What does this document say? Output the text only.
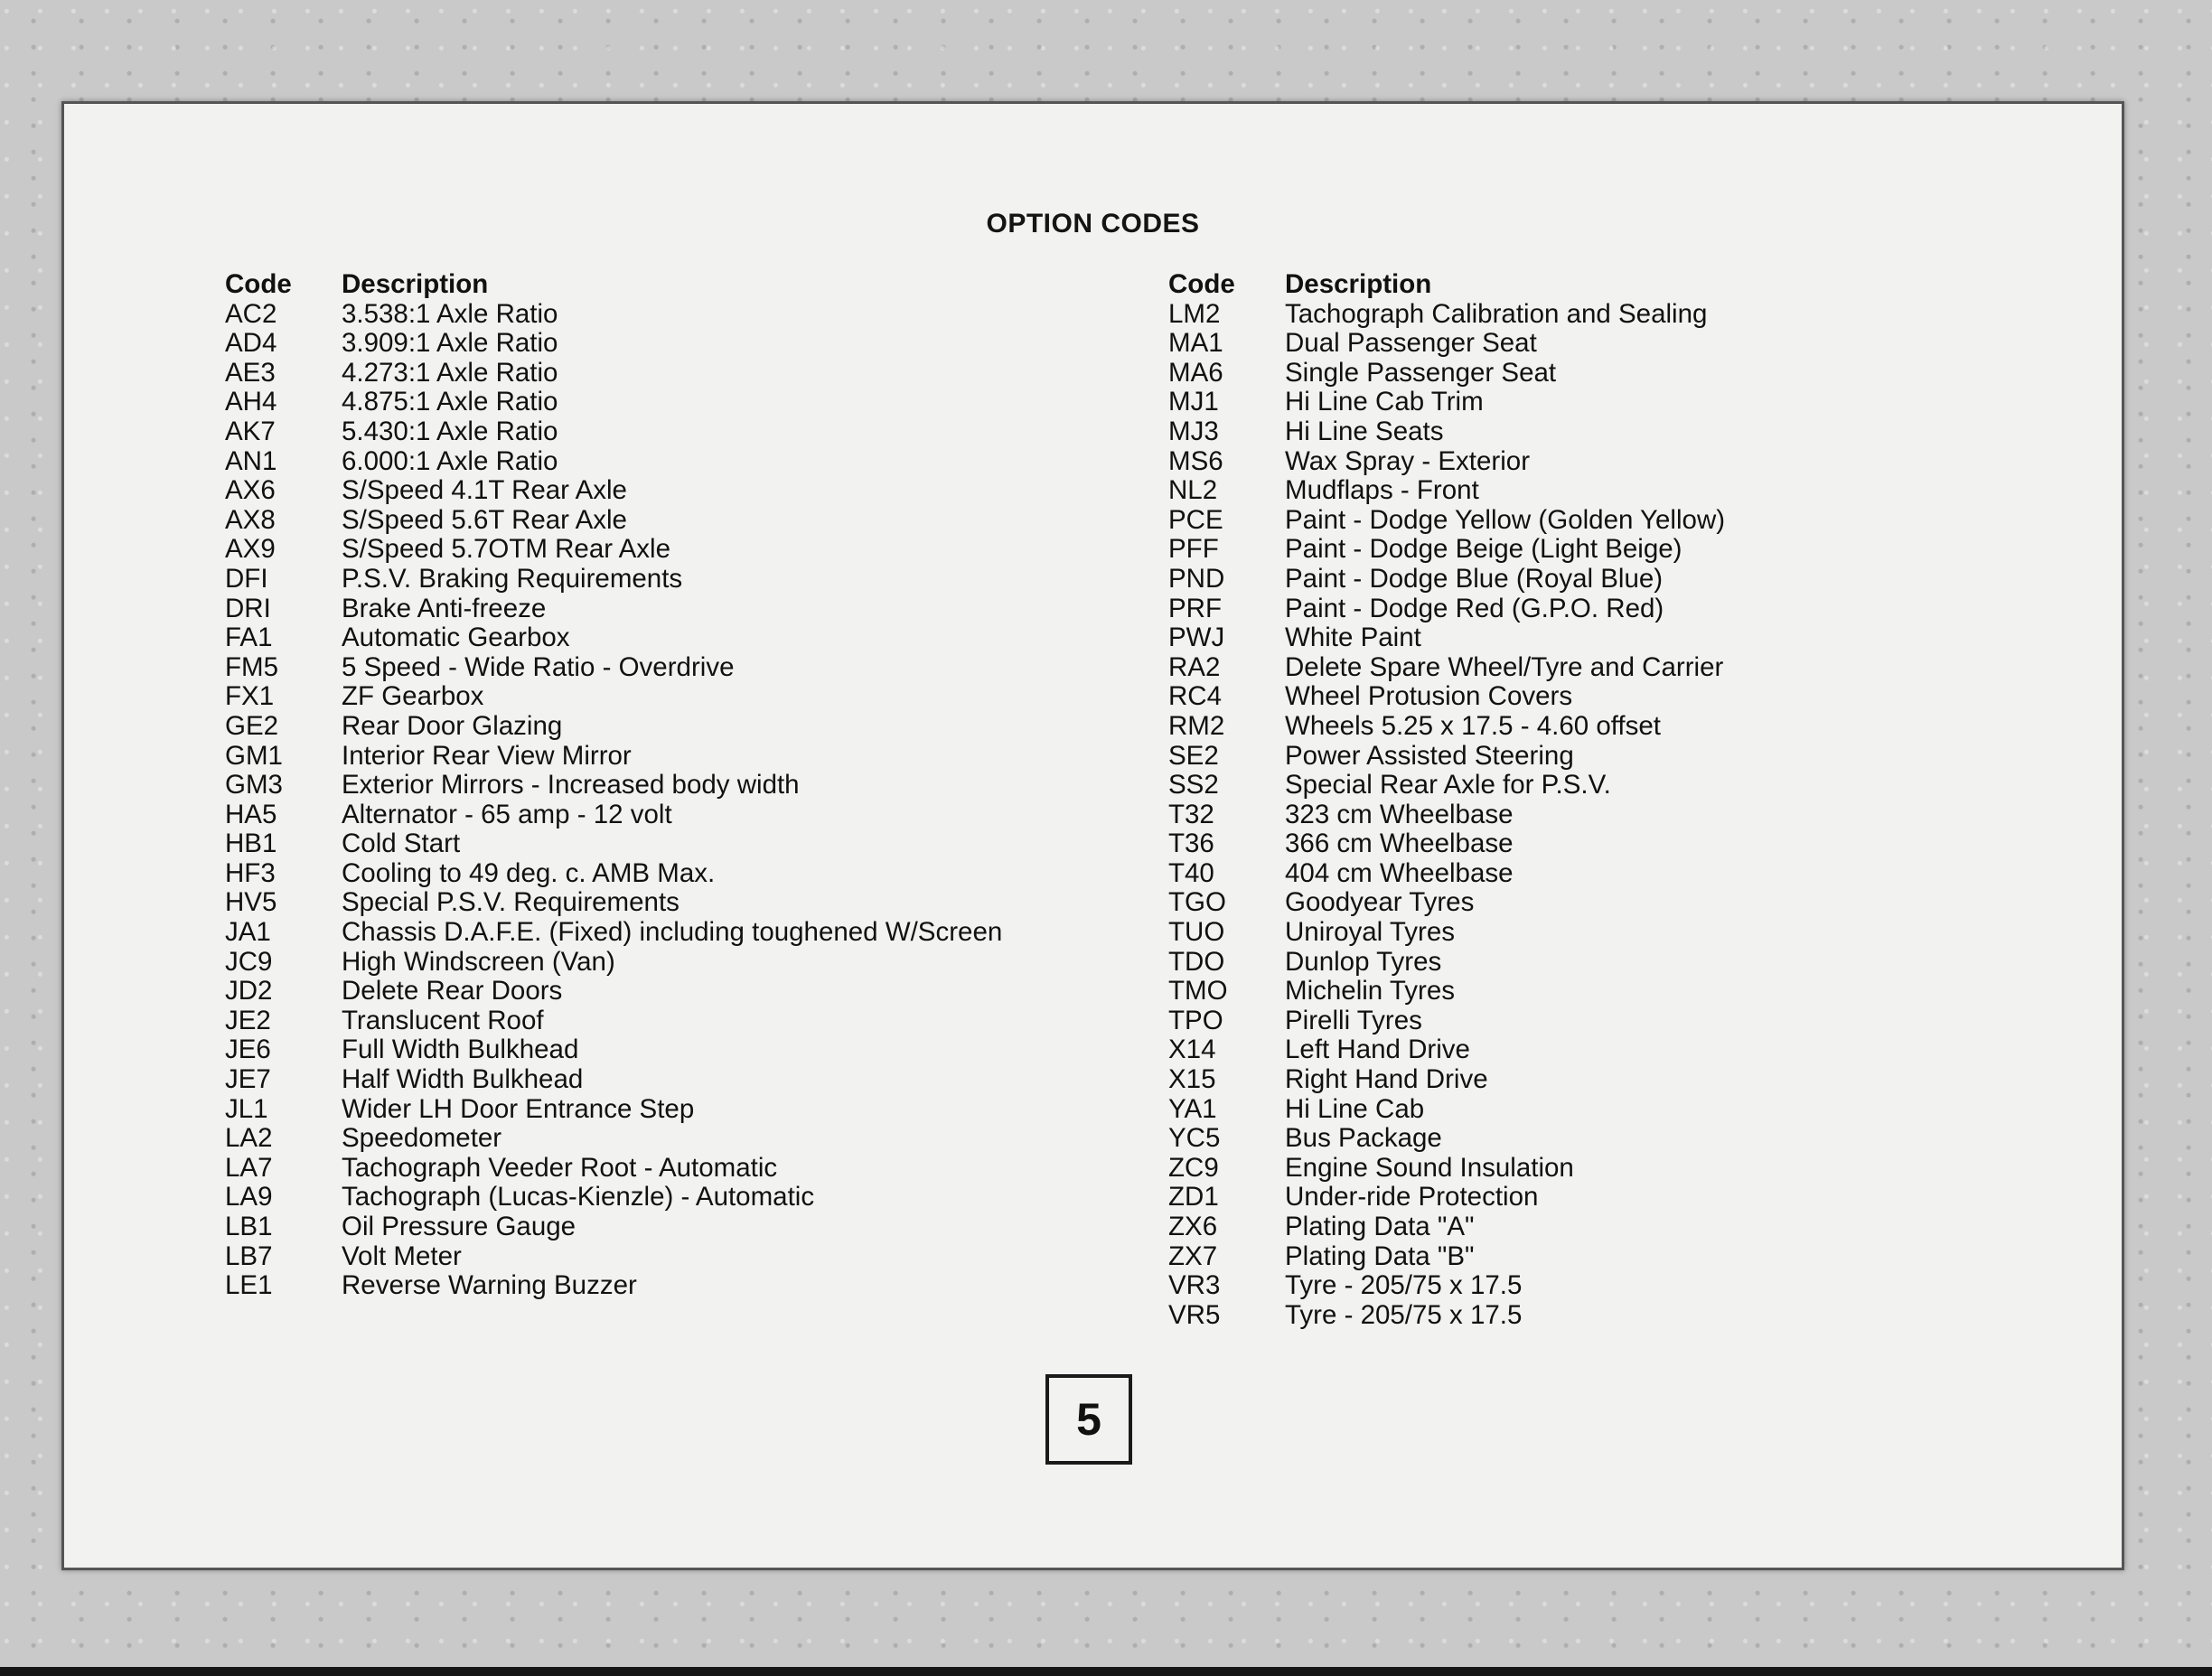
OPTION CODES
Code	Description
AC2	3.538:1 Axle Ratio
AD4	3.909:1 Axle Ratio
AE3	4.273:1 Axle Ratio
AH4	4.875:1 Axle Ratio
AK7	5.430:1 Axle Ratio
AN1	6.000:1 Axle Ratio
AX6	S/Speed 4.1T Rear Axle
AX8	S/Speed 5.6T Rear Axle
AX9	S/Speed 5.7OTM Rear Axle
DFI	P.S.V. Braking Requirements
DRI	Brake Anti-freeze
FA1	Automatic Gearbox
FM5	5 Speed - Wide Ratio - Overdrive
FX1	ZF Gearbox
GE2	Rear Door Glazing
GM1	Interior Rear View Mirror
GM3	Exterior Mirrors - Increased body width
HA5	Alternator - 65 amp - 12 volt
HB1	Cold Start
HF3	Cooling to 49 deg. c. AMB Max.
HV5	Special P.S.V. Requirements
JA1	Chassis D.A.F.E. (Fixed) including toughened W/Screen
JC9	High Windscreen (Van)
JD2	Delete Rear Doors
JE2	Translucent Roof
JE6	Full Width Bulkhead
JE7	Half Width Bulkhead
JL1	Wider LH Door Entrance Step
LA2	Speedometer
LA7	Tachograph Veeder Root - Automatic
LA9	Tachograph (Lucas-Kienzle) - Automatic
LB1	Oil Pressure Gauge
LB7	Volt Meter
LE1	Reverse Warning Buzzer
Code	Description
LM2	Tachograph Calibration and Sealing
MA1	Dual Passenger Seat
MA6	Single Passenger Seat
MJ1	Hi Line Cab Trim
MJ3	Hi Line Seats
MS6	Wax Spray - Exterior
NL2	Mudflaps - Front
PCE	Paint - Dodge Yellow (Golden Yellow)
PFF	Paint - Dodge Beige (Light Beige)
PND	Paint - Dodge Blue (Royal Blue)
PRF	Paint - Dodge Red (G.P.O. Red)
PWJ	White Paint
RA2	Delete Spare Wheel/Tyre and Carrier
RC4	Wheel Protusion Covers
RM2	Wheels 5.25 x 17.5 - 4.60 offset
SE2	Power Assisted Steering
SS2	Special Rear Axle for P.S.V.
T32	323 cm Wheelbase
T36	366 cm Wheelbase
T40	404 cm Wheelbase
TGO	Goodyear Tyres
TUO	Uniroyal Tyres
TDO	Dunlop Tyres
TMO	Michelin Tyres
TPO	Pirelli Tyres
X14	Left Hand Drive
X15	Right Hand Drive
YA1	Hi Line Cab
YC5	Bus Package
ZC9	Engine Sound Insulation
ZD1	Under-ride Protection
ZX6	Plating Data "A"
ZX7	Plating Data "B"
VR3	Tyre - 205/75 x 17.5
VR5	Tyre - 205/75 x 17.5
5
